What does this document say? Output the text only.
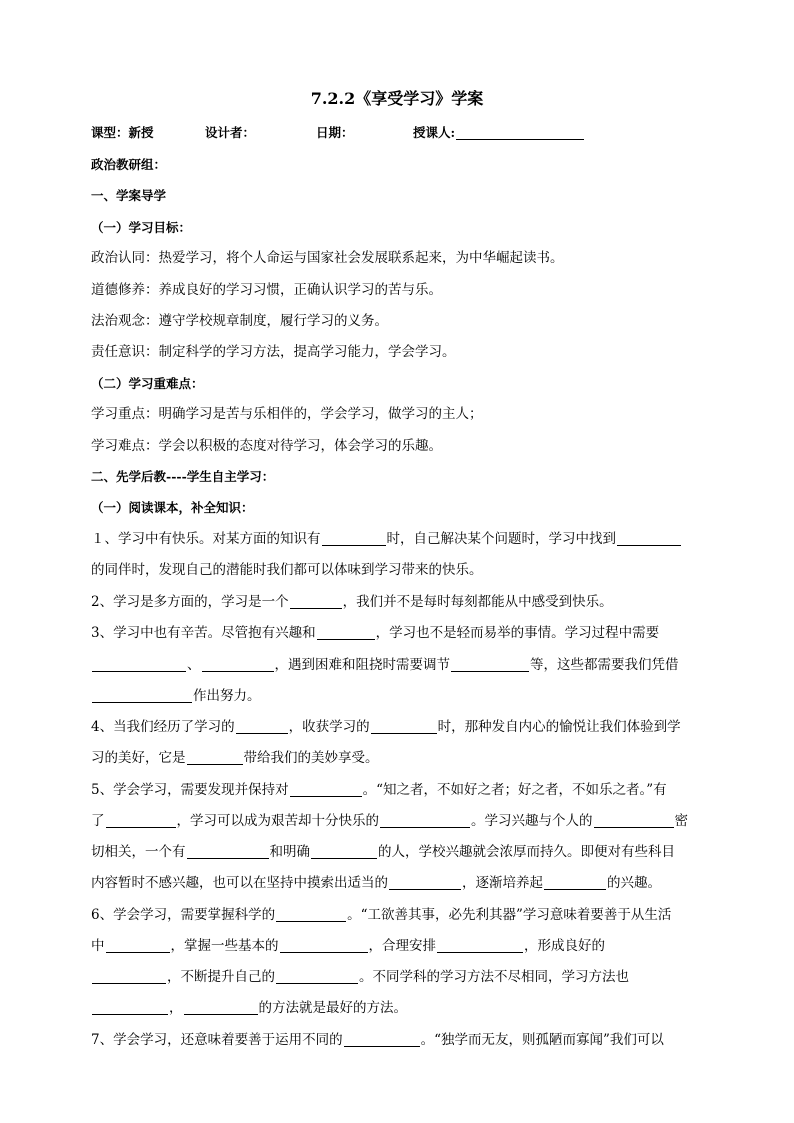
7.2.2《享受学习》学案
课型：新授	设计者：	日期：	授课人:
政治教研组：
一、学案导学
（一）学习目标：
政治认同：热爱学习，将个人命运与国家社会发展联系起来，为中华崛起读书。
道德修养：养成良好的学习习惯，正确认识学习的苦与乐。
法治观念：遵守学校规章制度，履行学习的义务。
责任意识：制定科学的学习方法，提高学习能力，学会学习。
（二）学习重难点：
学习重点：明确学习是苦与乐相伴的，学会学习，做学习的主人；
学习难点：学会以积极的态度对待学习，体会学习的乐趣。
二、先学后教----学生自主学习：
（一）阅读课本，补全知识：
１、学习中有快乐。对某方面的知识有	时，自己解决某个问题时，学习中找到
的同伴时，发现自己的潜能时我们都可以体味到学习带来的快乐。
2、学习是多方面的，学习是一个	，我们并不是每时每刻都能从中感受到快乐。
3、学习中也有辛苦。尽管抱有兴趣和	，学习也不是轻而易举的事情。学习过程中需要
、	，遇到困难和阻挠时需要调节	等，这些都需要我们凭借
作出努力。
4、当我们经历了学习的	，收获学习的	时，那种发自内心的愉悦让我们体验到学
习的美好，它是	带给我们的美妙享受。
5、学会学习，需要发现并保持对	。“知之者，不如好之者；好之者，不如乐之者。”有
了	，学习可以成为艰苦却十分快乐的	。学习兴趣与个人的	密
切相关，一个有	和明确	的人，学校兴趣就会浓厚而持久。即便对有些科目
内容暂时不感兴趣，也可以在坚持中摸索出适当的	，逐渐培养起	的兴趣。
6、学会学习，需要掌握科学的	。“工欲善其事，必先利其器”学习意味着要善于从生活
中	，掌握一些基本的	，合理安排	，形成良好的
，不断提升自己的	。不同学科的学习方法不尽相同，学习方法也
，	的方法就是最好的方法。
7、学会学习，还意味着要善于运用不同的	。“独学而无友，则孤陋而寡闻”我们可以
